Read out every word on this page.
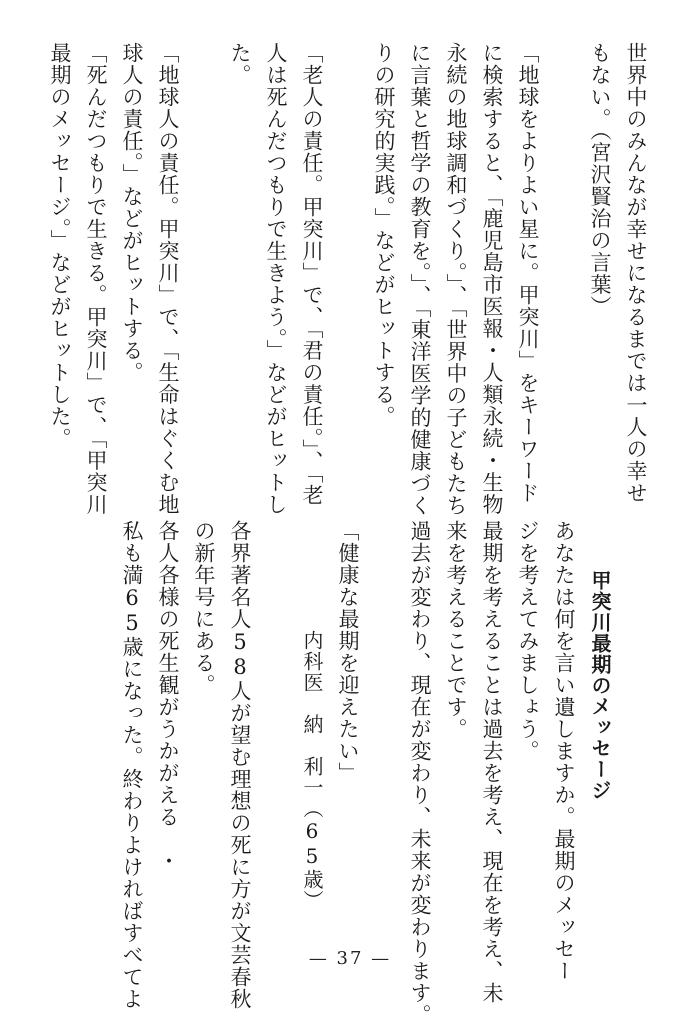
世界中のみんなが幸せになるまでは一人の幸せ
もない。（宮沢賢治の言葉）

「地球をよりよい星に。甲突川」をキーワード
に検索すると、「鹿児島市医報・人類永続・生物
永続の地球調和づくり。」、「世界中の子どもたち
に言葉と哲学の教育を。」、「東洋医学的健康づく
りの研究的実践。」などがヒットする。

「老人の責任。甲突川」で、「君の責任。」、「老
人は死んだつもりで生きよう。」などがヒットし
た。

「地球人の責任。甲突川」で、「生命はぐくむ地
球人の責任。」などがヒットする。
「死んだつもりで生きる。甲突川」で、「甲突川
最期のメッセージ。」などがヒットした。

甲突川最期のメッセージ
あなたは何を言い遺しますか。最期のメッセー
ジを考えてみましょう。
最期を考えることは過去を考え、現在を考え、未
来を考えることです。
過去が変わり、現在が変わり、未来が変わります。

「健康な最期を迎えたい」
内科医　納　利一（65歳）

各界著名人58人が望む理想の死に方が文芸春秋
の新年号にある。
各人各様の死生観がうかがえる　・
私も満65歳になった。終わりよければすべてよ	— 37 —
